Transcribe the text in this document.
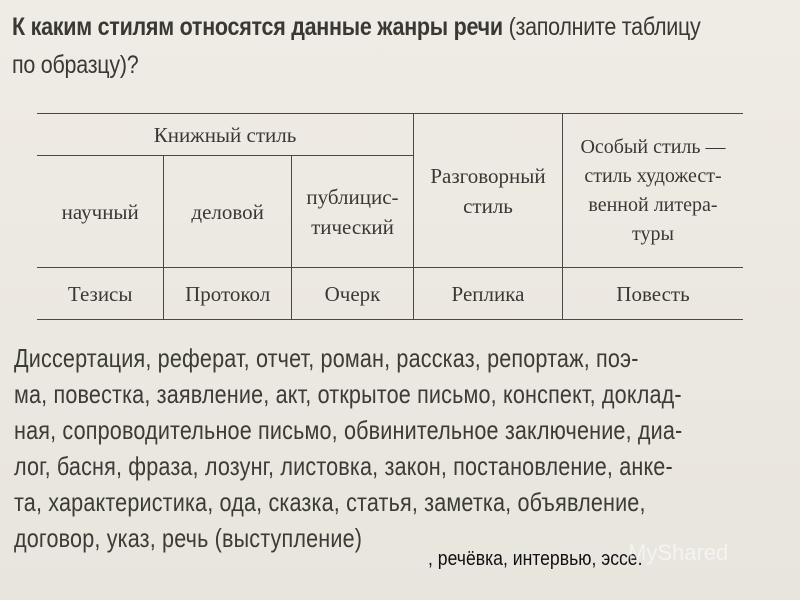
К каким стилям относятся данные жанры речи (заполните таблицу
по образцу)?
Книжный стиль			Разговорный стиль	Особый стиль — стиль художест- венной литера- туры
научный	деловой	публицис- тический		
Тезисы	Протокол	Очерк	Реплика	Повесть
Диссертация, реферат, отчет, роман, рассказ, репортаж, поэ-
ма, повестка, заявление, акт, открытое письмо, конспект, доклад-
ная, сопроводительное письмо, обвинительное заключение, диа-
лог, басня, фраза, лозунг, листовка, закон, постановление, анке-
та, характеристика, ода, сказка, статья, заметка, объявление,
договор, указ, речь (выступление)
, речёвка, интервью, эссе.
MyShared
